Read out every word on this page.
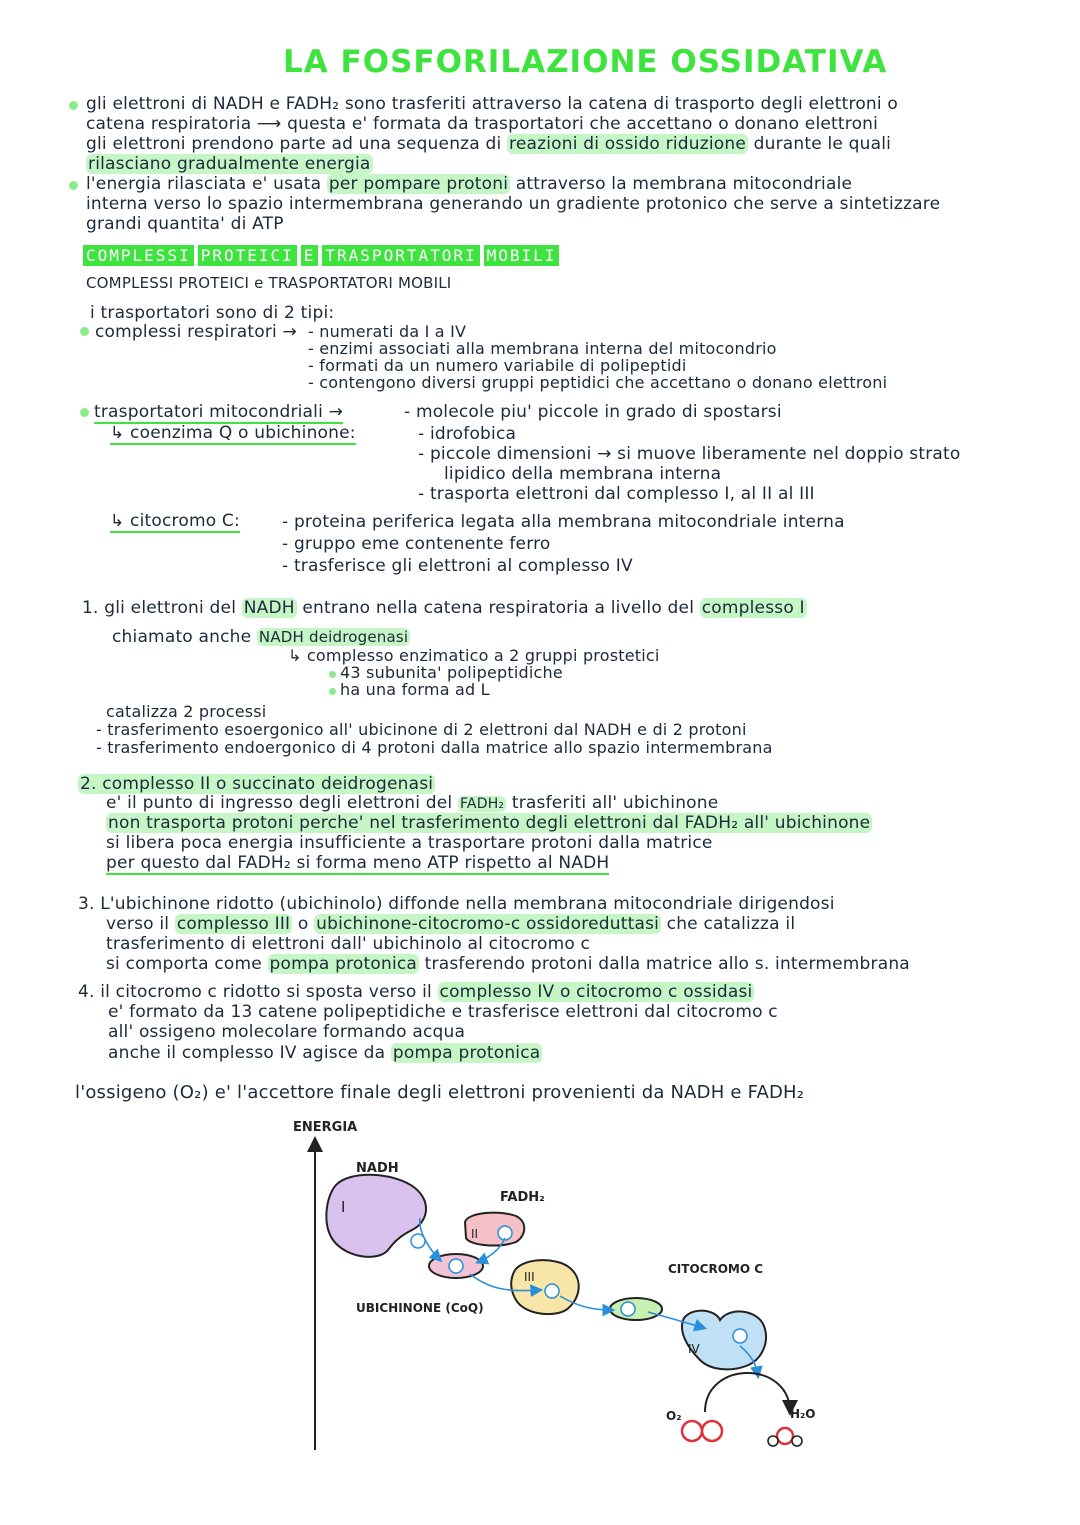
LA FOSFORILAZIONE OSSIDATIVA
gli elettroni di NADH e FADH₂ sono trasferiti attraverso la catena di trasporto degli elettroni o
catena respiratoria ⟶ questa e' formata da trasportatori che accettano o donano elettroni
gli elettroni prendono parte ad una sequenza di reazioni di ossido riduzione durante le quali
rilasciano gradualmente energia
l'energia rilasciata e' usata per pompare protoni attraverso la membrana mitocondriale
interna verso lo spazio intermembrana generando un gradiente protonico che serve a sintetizzare
grandi quantita' di ATP
COMPLESSI PROTEICI E TRASPORTATORI MOBILI
COMPLESSI PROTEICI e TRASPORTATORI MOBILI
i trasportatori sono di 2 tipi:
complessi respiratori → - numerati da I a IV
- enzimi associati alla membrana interna del mitocondrio
- formati da un numero variabile di polipeptidi
- contengono diversi gruppi peptidici che accettano o donano elettroni
trasportatori mitocondriali →	- molecole piu' piccole in grado di spostarsi
↳ coenzima Q o ubichinone:	- idrofobica
- piccole dimensioni → si muove liberamente nel doppio strato
lipidico della membrana interna
- trasporta elettroni dal complesso I, al II al III
↳ citocromo C: - proteina periferica legata alla membrana mitocondriale interna
- gruppo eme contenente ferro
- trasferisce gli elettroni al complesso IV
1. gli elettroni del NADH entrano nella catena respiratoria a livello del complesso I
chiamato anche NADH deidrogenasi
↳ complesso enzimatico a 2 gruppi prostetici
43 subunita' polipeptidiche
ha una forma ad L
catalizza 2 processi
- trasferimento esoergonico all' ubicinone di 2 elettroni dal NADH e di 2 protoni
- trasferimento endoergonico di 4 protoni dalla matrice allo spazio intermembrana
2. complesso II o succinato deidrogenasi
e' il punto di ingresso degli elettroni del FADH₂ trasferiti all' ubichinone
non trasporta protoni perche' nel trasferimento degli elettroni dal FADH₂ all' ubichinone
si libera poca energia insufficiente a trasportare protoni dalla matrice
per questo dal FADH₂ si forma meno ATP rispetto al NADH
3. L'ubichinone ridotto (ubichinolo) diffonde nella membrana mitocondriale dirigendosi
verso il complesso III o ubichinone-citocromo-c ossidoreduttasi che catalizza il
trasferimento di elettroni dall' ubichinolo al citocromo c
si comporta come pompa protonica trasferendo protoni dalla matrice allo s. intermembrana
4. il citocromo c ridotto si sposta verso il complesso IV o citocromo c ossidasi
e' formato da 13 catene polipeptidiche e trasferisce elettroni dal citocromo c
all' ossigeno molecolare formando acqua
anche il complesso IV agisce da pompa protonica
l'ossigeno (O₂) e' l'accettore finale degli elettroni provenienti da NADH e FADH₂
ENERGIA
I
NADH
II
FADH₂
UBICHINONE (CoQ)
III
CITOCROMO C
IV
O₂	H₂O
